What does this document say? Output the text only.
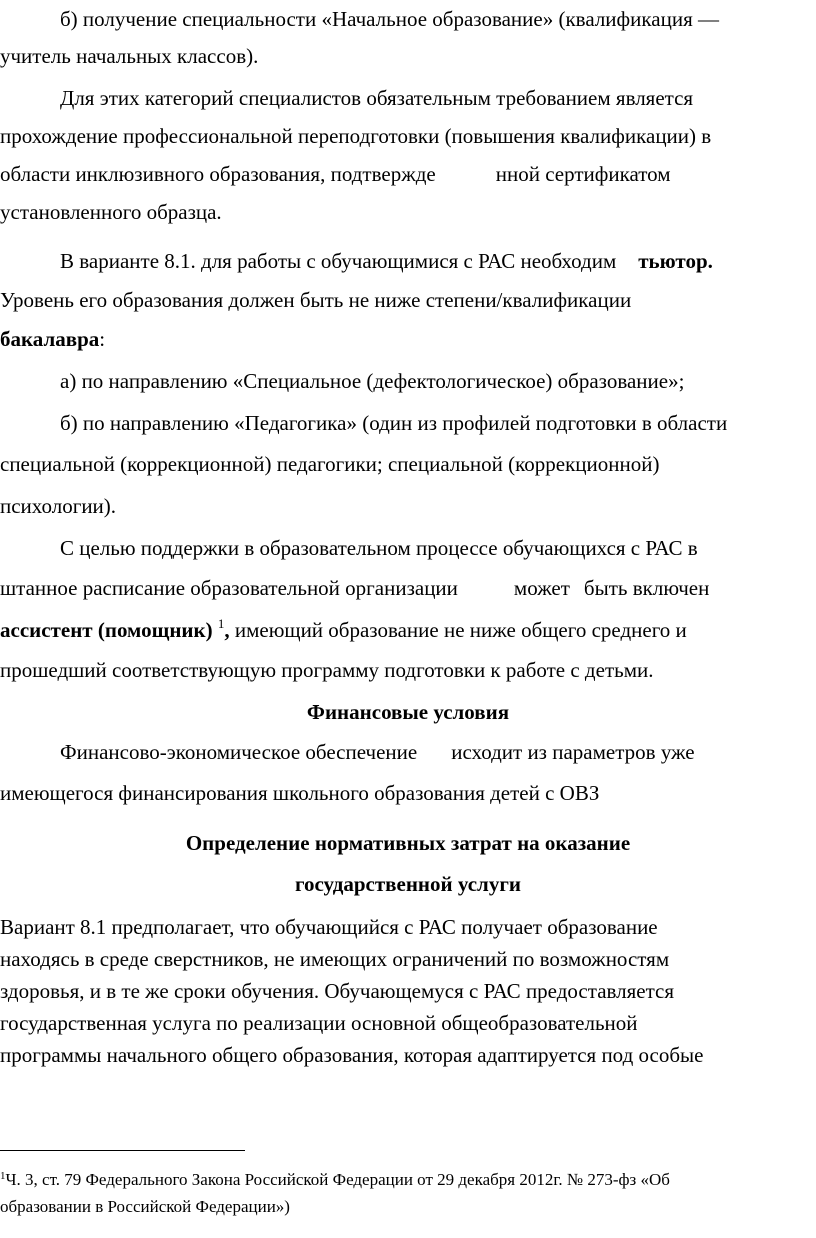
б) получение специальности «Начальное образование» (квалификация —
учитель начальных классов).
Для этих категорий специалистов обязательным требованием является
прохождение профессиональной переподготовки (повышения квалификации) в
области инклюзивного образования, подтвержде	нной сертификатом
установленного образца.
В варианте 8.1. для работы с обучающимися с РАС необходим тьютор.
Уровень его образования должен быть не ниже степени/квалификации
бакалавра:
а) по направлению «Специальное (дефектологическое) образование»;
б) по направлению «Педагогика» (один из профилей подготовки в области
специальной (коррекционной) педагогики; специальной (коррекционной)
психологии).
С целью поддержки в образовательном процессе обучающихся с РАС в
штанное расписание образовательной организации	может быть включен
ассистент (помощник) $^1$, имеющий образование не ниже общего среднего и
прошедший соответствующую программу подготовки к работе с детьми.
Финансовые условия
Финансово-экономическое обеспечение исходит из параметров уже
имеющегося финансирования школьного образования детей с ОВЗ
Определение нормативных затрат на оказание
государственной услуги
Вариант 8.1 предполагает, что обучающийся с РАС получает образование
находясь в среде сверстников, не имеющих ограничений по возможностям
здоровья, и в те же сроки обучения. Обучающемуся с РАС предоставляется
государственная услуга по реализации основной общеобразовательной
программы начального общего образования, которая адаптируется под особые
$^1$Ч. 3, ст. 79 Федерального Закона Российской Федерации от 29 декабря 2012г. № 273-фз «Об
образовании в Российской Федерации»)
